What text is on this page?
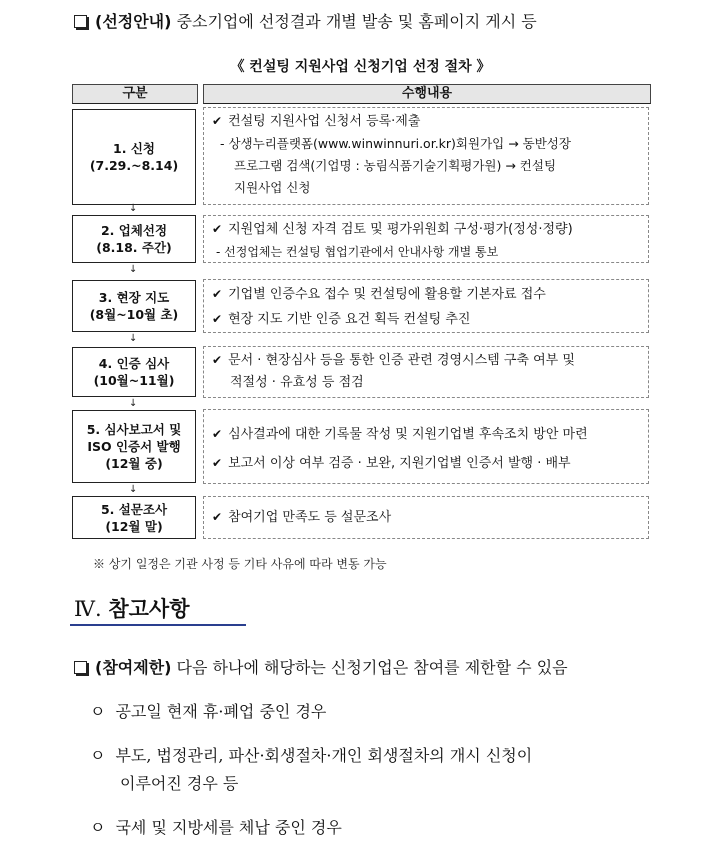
(선정안내) 중소기업에 선정결과 개별 발송 및 홈페이지 게시 등
《 컨설팅 지원사업 신청기업 선정 절차 》
구분	수행내용
1. 신청
(7.29.~8.14)
✔ 컨설팅 지원사업 신청서 등록·제출
- 상생누리플랫폼(www.winwinnuri.or.kr)회원가입 → 동반성장
프로그램 검색(기업명 : 농림식품기술기획평가원) → 컨설팅
지원사업 신청
↓
2. 업체선정
(8.18. 주간)
✔ 지원업체 신청 자격 검토 및 평가위원회 구성·평가(정성·정량)
- 선정업체는 컨설팅 협업기관에서 안내사항 개별 통보
↓
3. 현장 지도
(8월~10월 초)
✔ 기업별 인증수요 접수 및 컨설팅에 활용할 기본자료 접수
✔ 현장 지도 기반 인증 요건 획득 컨설팅 추진
↓
4. 인증 심사
(10월~11월)
✔ 문서 · 현장심사 등을 통한 인증 관련 경영시스템 구축 여부 및
적절성 · 유효성 등 점검
↓
5. 심사보고서 및
ISO 인증서 발행
(12월 중)
✔ 심사결과에 대한 기록물 작성 및 지원기업별 후속조치 방안 마련
✔ 보고서 이상 여부 검증 · 보완, 지원기업별 인증서 발행 · 배부
↓
5. 설문조사
(12월 말)
✔ 참여기업 만족도 등 설문조사
※ 상기 일정은 기관 사정 등 기타 사유에 따라 변동 가능
Ⅳ. 참고사항
(참여제한) 다음 하나에 해당하는 신청기업은 참여를 제한할 수 있음
ㅇ 공고일 현재 휴·폐업 중인 경우
ㅇ 부도, 법정관리, 파산·회생절차·개인 회생절차의 개시 신청이
이루어진 경우 등
ㅇ 국세 및 지방세를 체납 중인 경우
